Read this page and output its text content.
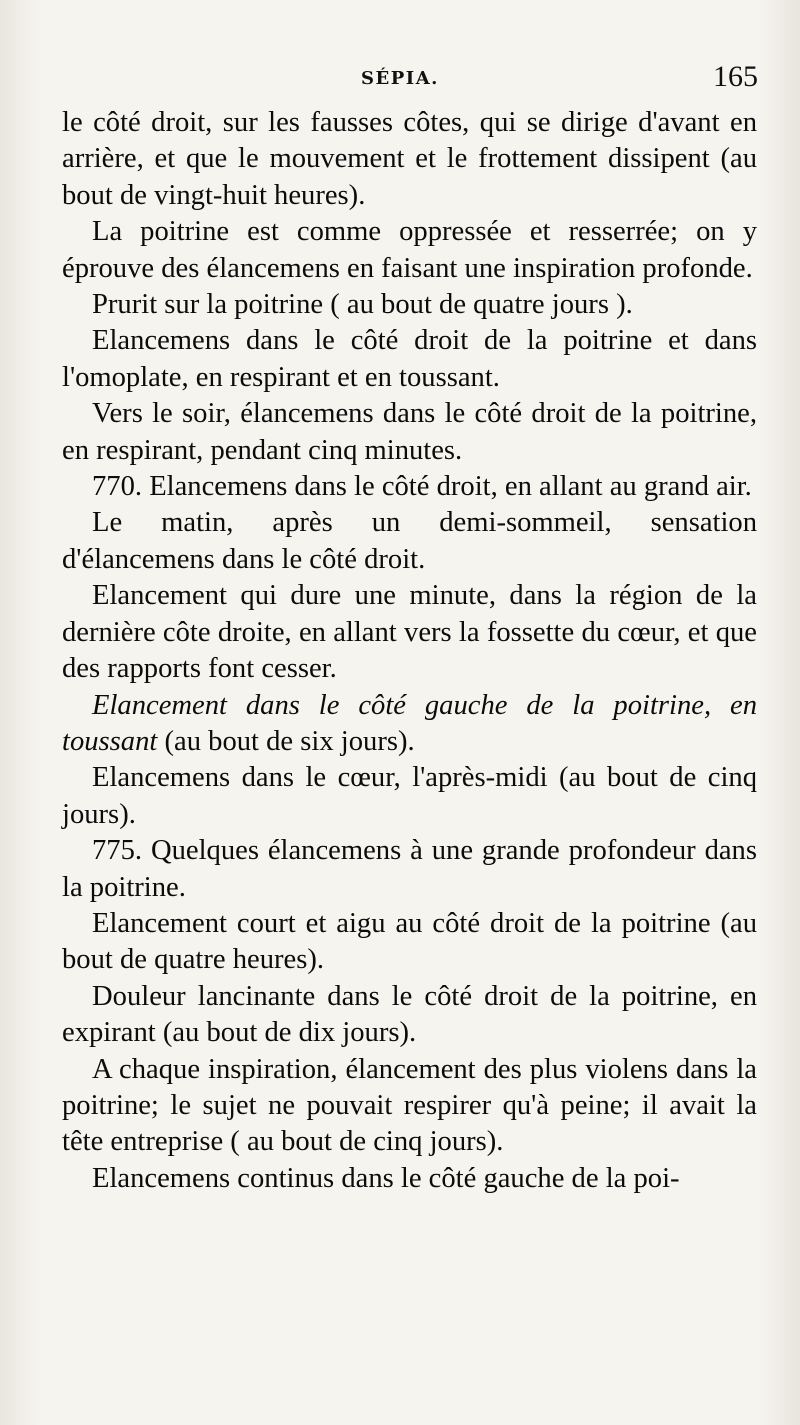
SÉPIA.	165

le côté droit, sur les fausses côtes, qui se dirige d'avant en arrière, et que le mouvement et le frottement dissipent (au bout de vingt-huit heures).

La poitrine est comme oppressée et resserrée; on y éprouve des élancemens en faisant une inspiration profonde.

Prurit sur la poitrine ( au bout de quatre jours ).

Elancemens dans le côté droit de la poitrine et dans l'omoplate, en respirant et en toussant.

Vers le soir, élancemens dans le côté droit de la poitrine, en respirant, pendant cinq minutes.

770. Elancemens dans le côté droit, en allant au grand air.

Le matin, après un demi-sommeil, sensation d'élancemens dans le côté droit.

Elancement qui dure une minute, dans la région de la dernière côte droite, en allant vers la fossette du cœur, et que des rapports font cesser.

Elancement dans le côté gauche de la poitrine, en toussant (au bout de six jours).

Elancemens dans le cœur, l'après-midi (au bout de cinq jours).

775. Quelques élancemens à une grande profondeur dans la poitrine.

Elancement court et aigu au côté droit de la poitrine (au bout de quatre heures).

Douleur lancinante dans le côté droit de la poitrine, en expirant (au bout de dix jours).

A chaque inspiration, élancement des plus violens dans la poitrine; le sujet ne pouvait respirer qu'à peine; il avait la tête entreprise ( au bout de cinq jours).

Elancemens continus dans le côté gauche de la poi-
